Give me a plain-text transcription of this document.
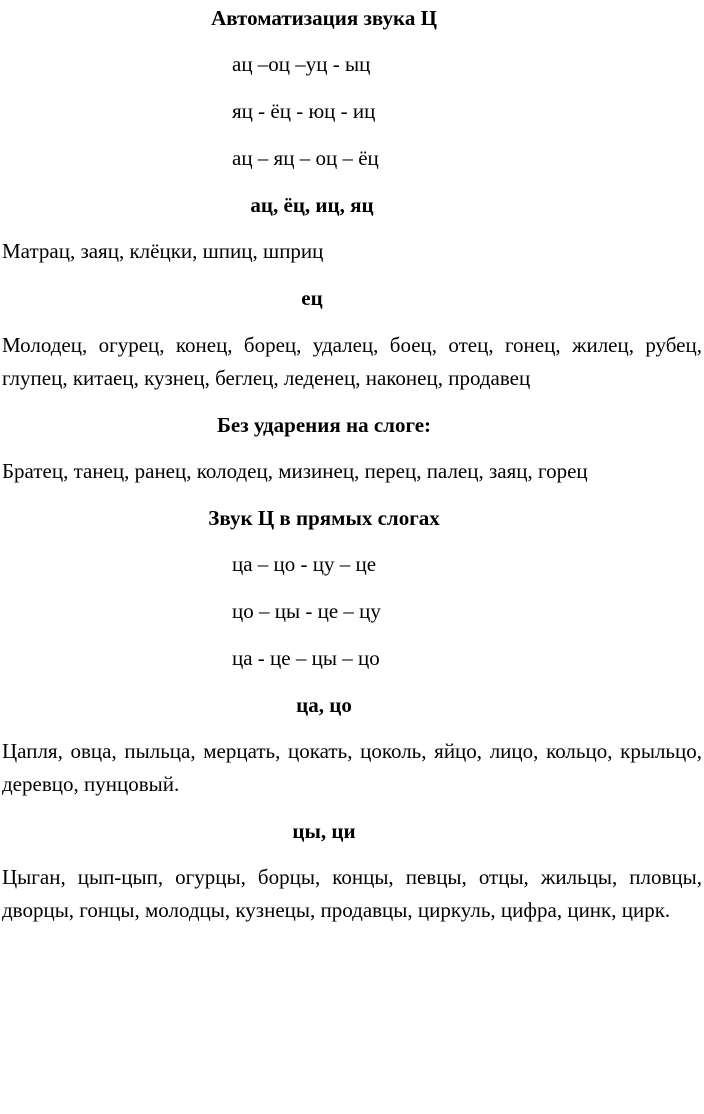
Автоматизация звука Ц
ац –оц –уц - ыц
яц - ёц - юц - иц
ац – яц – оц – ёц
ац, ёц, иц, яц
Матрац, заяц, клёцки, шпиц, шприц
ец
Молодец, огурец, конец, борец, удалец, боец, отец, гонец, жилец, рубец, глупец, китаец, кузнец, беглец, леденец, наконец, продавец
Без ударения на слоге:
Братец, танец, ранец, колодец, мизинец, перец, палец, заяц, горец
Звук Ц в прямых слогах
ца – цо - цу – це
цо – цы - це – цу
ца - це – цы – цо
ца, цо
Цапля, овца, пыльца, мерцать, цокать, цоколь, яйцо, лицо, кольцо, крыльцо, деревцо, пунцовый.
цы, ци
Цыган, цып-цып, огурцы, борцы, концы, певцы, отцы, жильцы, пловцы, дворцы, гонцы, молодцы, кузнецы, продавцы, циркуль, цифра, цинк, цирк.
